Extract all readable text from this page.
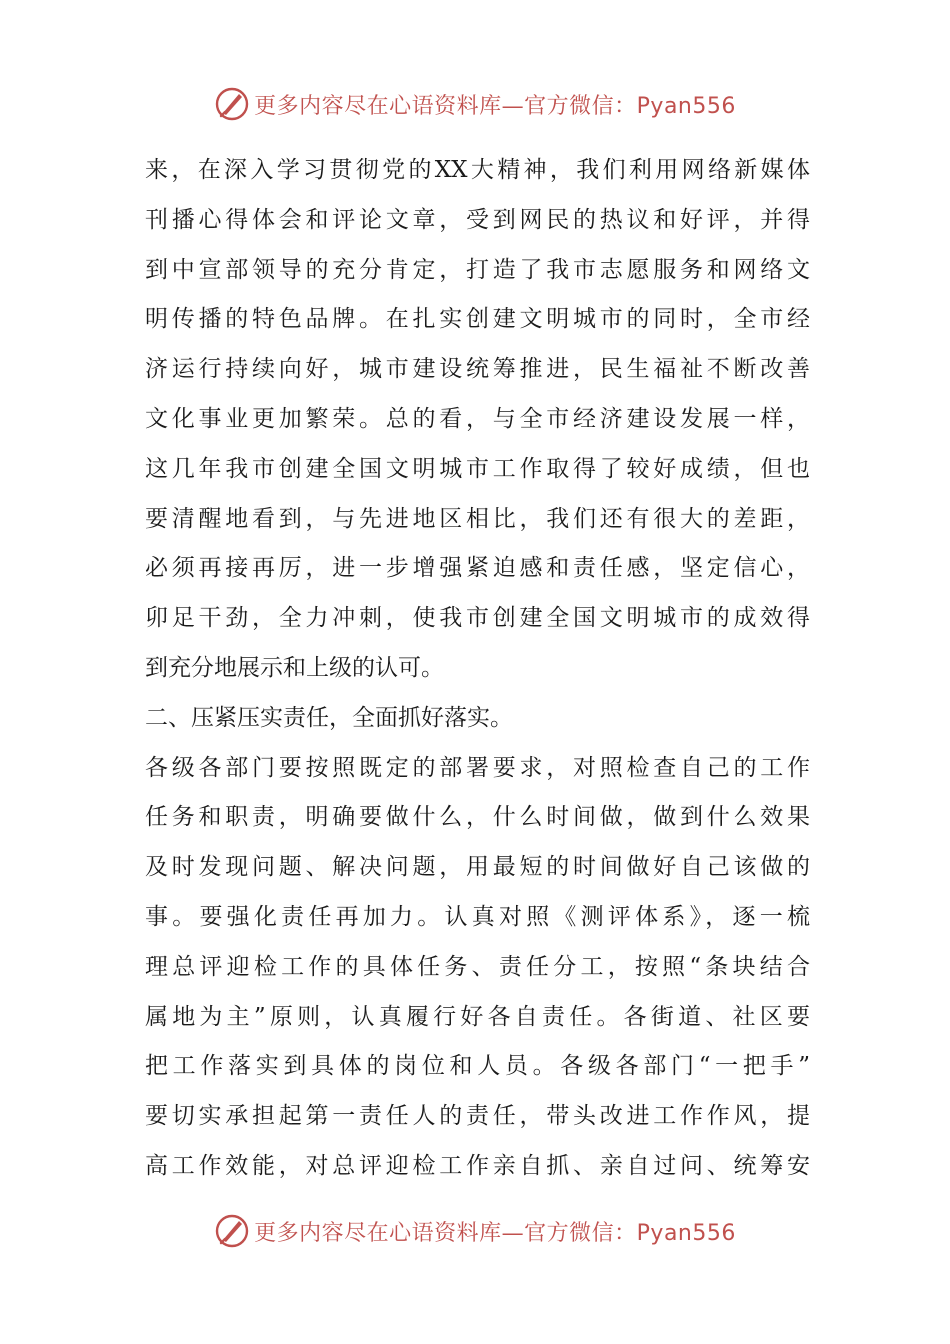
更多内容尽在心语资料库—官方微信：Pyan556
来，在深入学习贯彻党的XX大精神，我们利用网络新媒体
刊播心得体会和评论文章，受到网民的热议和好评，并得
到中宣部领导的充分肯定，打造了我市志愿服务和网络文
明传播的特色品牌。在扎实创建文明城市的同时，全市经
济运行持续向好，城市建设统筹推进，民生福祉不断改善
文化事业更加繁荣。总的看，与全市经济建设发展一样，
这几年我市创建全国文明城市工作取得了较好成绩，但也
要清醒地看到，与先进地区相比，我们还有很大的差距，
必须再接再厉，进一步增强紧迫感和责任感，坚定信心，
卯足干劲，全力冲刺，使我市创建全国文明城市的成效得
到充分地展示和上级的认可。
二、压紧压实责任，全面抓好落实。
各级各部门要按照既定的部署要求，对照检查自己的工作
任务和职责，明确要做什么，什么时间做，做到什么效果
及时发现问题、解决问题，用最短的时间做好自己该做的
事。要强化责任再加力。认真对照《测评体系》，逐一梳
理总评迎检工作的具体任务、责任分工，按照“条块结合
属地为主”原则，认真履行好各自责任。各街道、社区要
把工作落实到具体的岗位和人员。各级各部门“一把手”
要切实承担起第一责任人的责任，带头改进工作作风，提
高工作效能，对总评迎检工作亲自抓、亲自过问、统筹安
更多内容尽在心语资料库—官方微信：Pyan556
